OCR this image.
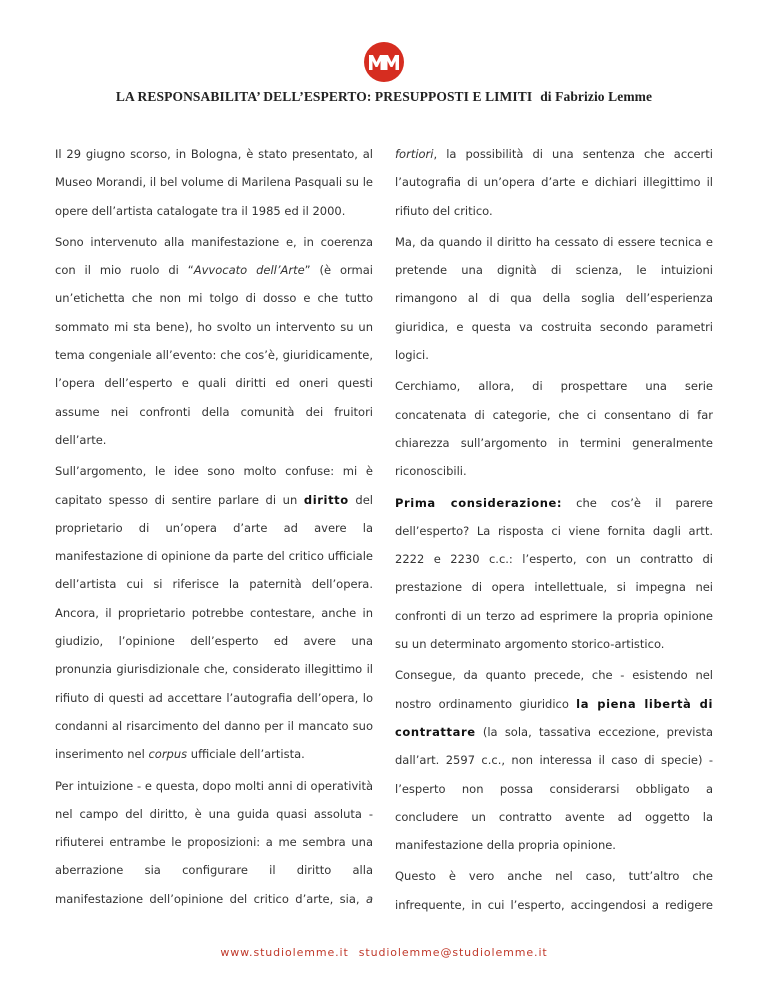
LA RESPONSABILITA’ DELL’ESPERTO: PRESUPPOSTI E LIMITI di Fabrizio Lemme

Il 29 giugno scorso, in Bologna, è stato presentato, al Museo Morandi, il bel volume di Marilena Pasquali su le opere dell’artista catalogate tra il 1985 ed il 2000.

Sono intervenuto alla manifestazione e, in coerenza con il mio ruolo di “Avvocato dell’Arte” (è ormai un’etichetta che non mi tolgo di dosso e che tutto sommato mi sta bene), ho svolto un intervento su un tema congeniale all’evento: che cos’è, giuridicamente, l’opera dell’esperto e quali diritti ed oneri questi assume nei confronti della comunità dei fruitori dell’arte.

Sull’argomento, le idee sono molto confuse: mi è capitato spesso di sentire parlare di un diritto del proprietario di un’opera d’arte ad avere la manifestazione di opinione da parte del critico ufficiale dell’artista cui si riferisce la paternità dell’opera. Ancora, il proprietario potrebbe contestare, anche in giudizio, l’opinione dell’esperto ed avere una pronunzia giurisdizionale che, considerato illegittimo il rifiuto di questi ad accettare l’autografia dell’opera, lo condanni al risarcimento del danno per il mancato suo inserimento nel corpus ufficiale dell’artista.

Per intuizione - e questa, dopo molti anni di operatività nel campo del diritto, è una guida quasi assoluta - rifiuterei entrambe le proposizioni: a me sembra una aberrazione sia configurare il diritto alla manifestazione dell’opinione del critico d’arte, sia, a

fortiori, la possibilità di una sentenza che accerti l’autografia di un’opera d’arte e dichiari illegittimo il rifiuto del critico.

Ma, da quando il diritto ha cessato di essere tecnica e pretende una dignità di scienza, le intuizioni rimangono al di qua della soglia dell’esperienza giuridica, e questa va costruita secondo parametri logici.

Cerchiamo, allora, di prospettare una serie concatenata di categorie, che ci consentano di far chiarezza sull’argomento in termini generalmente riconoscibili.

Prima considerazione: che cos’è il parere dell’esperto? La risposta ci viene fornita dagli artt. 2222 e 2230 c.c.: l’esperto, con un contratto di prestazione di opera intellettuale, si impegna nei confronti di un terzo ad esprimere la propria opinione su un determinato argomento storico-artistico.

Consegue, da quanto precede, che - esistendo nel nostro ordinamento giuridico la piena libertà di contrattare (la sola, tassativa eccezione, prevista dall’art. 2597 c.c., non interessa il caso di specie) - l’esperto non possa considerarsi obbligato a concludere un contratto avente ad oggetto la manifestazione della propria opinione.

Questo è vero anche nel caso, tutt’altro che infrequente, in cui l’esperto, accingendosi a redigere

www.studiolemme.it studiolemme@studiolemme.it
